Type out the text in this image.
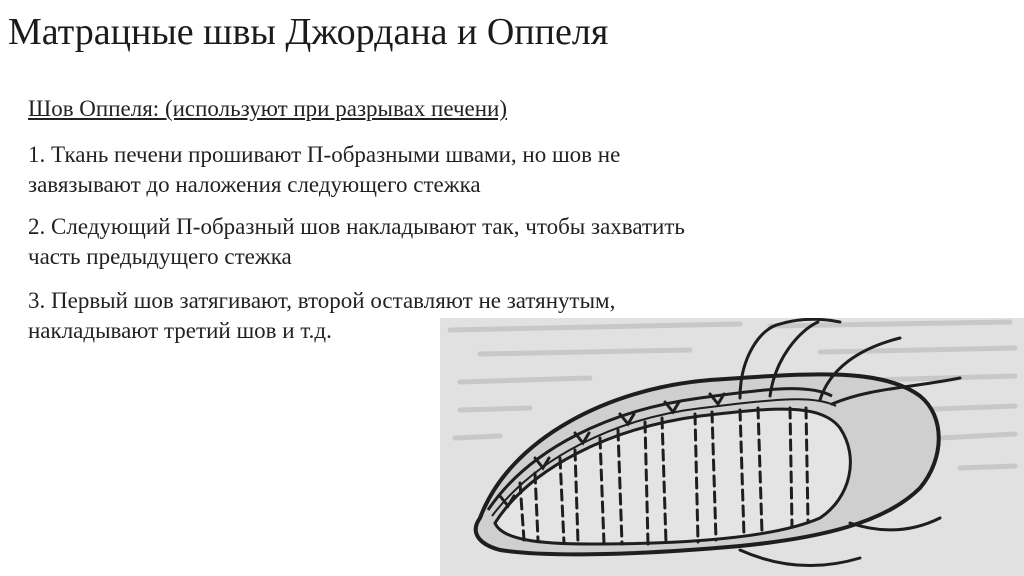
Матрацные швы Джордана и Оппеля
Шов Оппеля: (используют при разрывах печени)
1. Ткань печени прошивают П-образными швами, но шов не
завязывают до наложения следующего стежка
2. Следующий П-образный шов накладывают так, чтобы захватить
часть предыдущего стежка
3. Первый шов затягивают, второй оставляют не затянутым,
накладывают третий шов и т.д.
